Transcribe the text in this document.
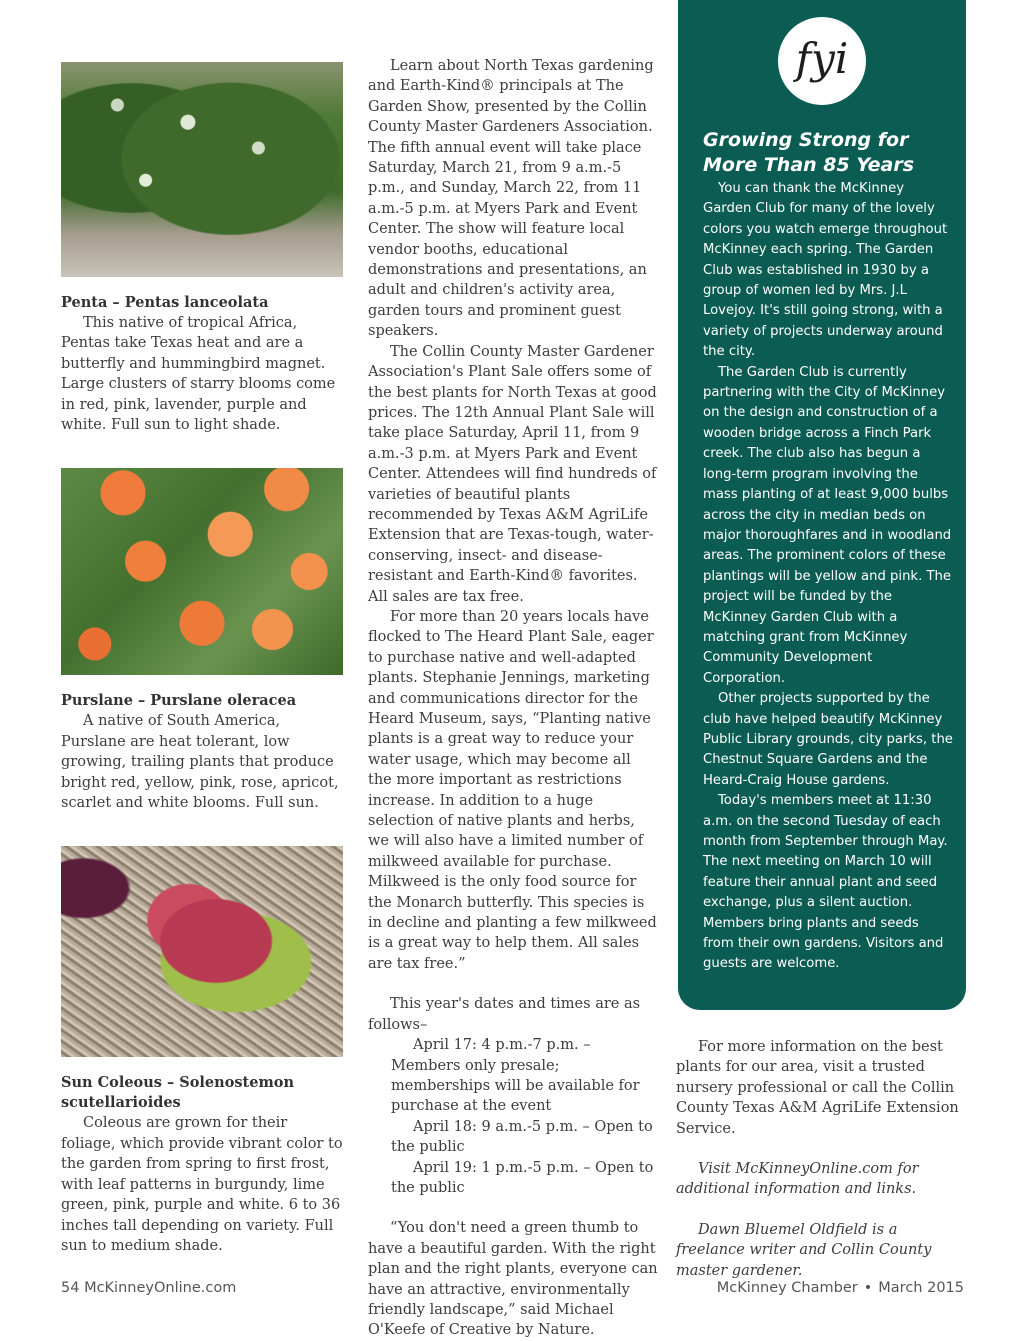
Penta – Pentas lanceolata

This native of tropical Africa, Pentas take Texas heat and are a butterfly and hummingbird magnet. Large clusters of starry blooms come in red, pink, lavender, purple and white. Full sun to light shade.

Purslane – Purslane oleracea

A native of South America, Purslane are heat tolerant, low growing, trailing plants that produce bright red, yellow, pink, rose, apricot, scarlet and white blooms. Full sun.

Sun Coleous – Solenostemon scutellarioides

Coleous are grown for their foliage, which provide vibrant color to the garden from spring to first frost, with leaf patterns in burgundy, lime green, pink, purple and white. 6 to 36 inches tall depending on variety. Full sun to medium shade.

Learn about North Texas gardening and Earth-Kind® principals at The Garden Show, presented by the Collin County Master Gardeners Association. The fifth annual event will take place Saturday, March 21, from 9 a.m.-5 p.m., and Sunday, March 22, from 11 a.m.-5 p.m. at Myers Park and Event Center. The show will feature local vendor booths, educational demonstrations and presentations, an adult and children's activity area, garden tours and prominent guest speakers.

The Collin County Master Gardener Association's Plant Sale offers some of the best plants for North Texas at good prices. The 12th Annual Plant Sale will take place Saturday, April 11, from 9 a.m.-3 p.m. at Myers Park and Event Center. Attendees will find hundreds of varieties of beautiful plants recommended by Texas A&M AgriLife Extension that are Texas-tough, water-conserving, insect- and disease-resistant and Earth-Kind® favorites. All sales are tax free.

For more than 20 years locals have flocked to The Heard Plant Sale, eager to purchase native and well-adapted plants. Stephanie Jennings, marketing and communications director for the Heard Museum, says, “Planting native plants is a great way to reduce your water usage, which may become all the more important as restrictions increase. In addition to a huge selection of native plants and herbs, we will also have a limited number of milkweed available for purchase. Milkweed is the only food source for the Monarch butterfly. This species is in decline and planting a few milkweed is a great way to help them. All sales are tax free.”

This year's dates and times are as follows–

April 17: 4 p.m.-7 p.m. – Members only presale; memberships will be available for purchase at the event

April 18: 9 a.m.-5 p.m. – Open to the public

April 19: 1 p.m.-5 p.m. – Open to the public

“You don't need a green thumb to have a beautiful garden. With the right plan and the right plants, everyone can have an attractive, environmentally friendly landscape,” said Michael O'Keefe of Creative by Nature.

fyi
Growing Strong for More Than 85 Years

You can thank the McKinney Garden Club for many of the lovely colors you watch emerge throughout McKinney each spring. The Garden Club was established in 1930 by a group of women led by Mrs. J.L Lovejoy. It's still going strong, with a variety of projects underway around the city.

The Garden Club is currently partnering with the City of McKinney on the design and construction of a wooden bridge across a Finch Park creek. The club also has begun a long-term program involving the mass planting of at least 9,000 bulbs across the city in median beds on major thoroughfares and in woodland areas. The prominent colors of these plantings will be yellow and pink. The project will be funded by the McKinney Garden Club with a matching grant from McKinney Community Development Corporation.

Other projects supported by the club have helped beautify McKinney Public Library grounds, city parks, the Chestnut Square Gardens and the Heard-Craig House gardens.

Today's members meet at 11:30 a.m. on the second Tuesday of each month from September through May. The next meeting on March 10 will feature their annual plant and seed exchange, plus a silent auction. Members bring plants and seeds from their own gardens. Visitors and guests are welcome.

For more information on the best plants for our area, visit a trusted nursery professional or call the Collin County Texas A&M AgriLife Extension Service.

Visit McKinneyOnline.com for additional information and links.

Dawn Bluemel Oldfield is a freelance writer and Collin County master gardener.

54 McKinneyOnline.com	McKinney Chamber • March 2015
